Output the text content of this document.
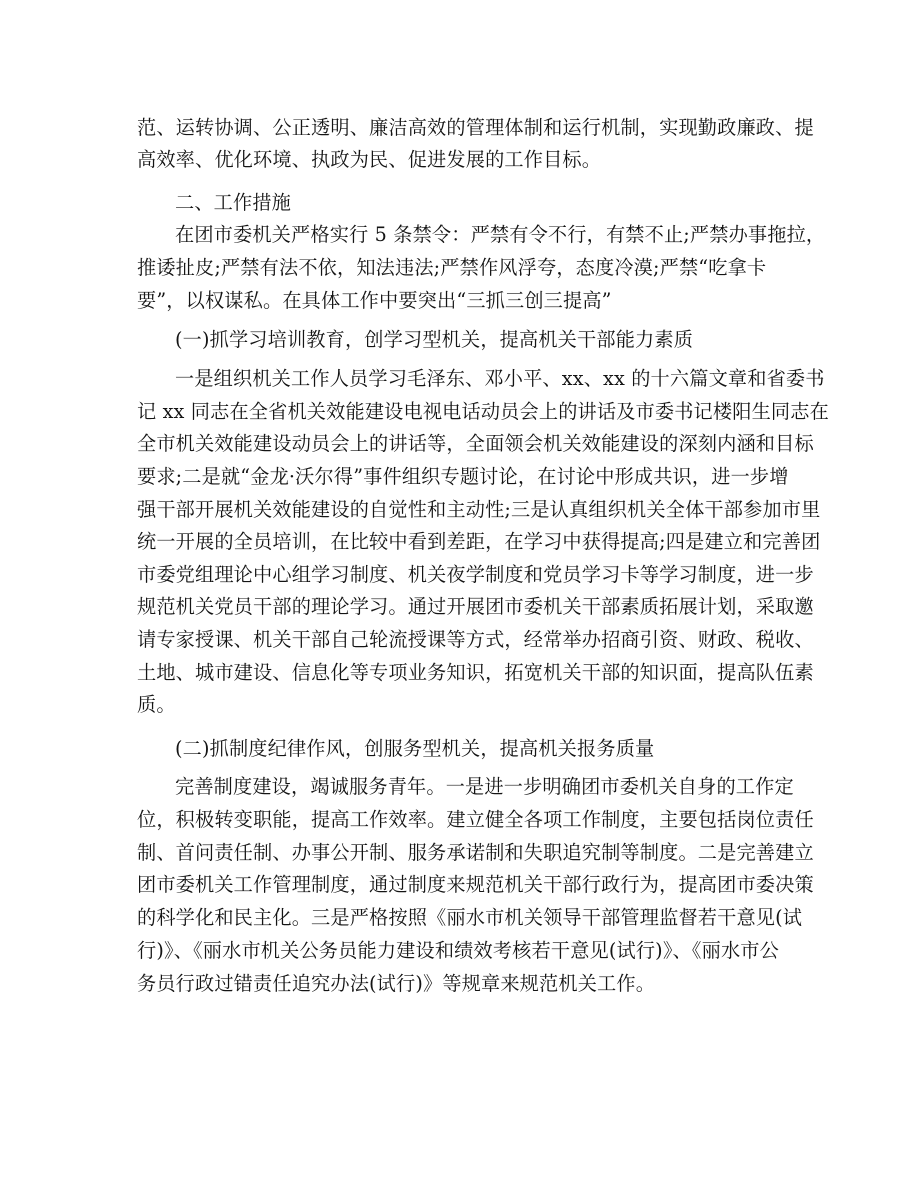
范、运转协调、公正透明、廉洁高效的管理体制和运行机制，实现勤政廉政、提
高效率、优化环境、执政为民、促进发展的工作目标。
二、工作措施
在团市委机关严格实行 5 条禁令：严禁有令不行，有禁不止;严禁办事拖拉，
推诿扯皮;严禁有法不依，知法违法;严禁作风浮夸，态度冷漠;严禁“吃拿卡
要”，以权谋私。在具体工作中要突出“三抓三创三提高”
(一)抓学习培训教育，创学习型机关，提高机关干部能力素质
一是组织机关工作人员学习毛泽东、邓小平、xx、xx 的十六篇文章和省委书
记 xx 同志在全省机关效能建设电视电话动员会上的讲话及市委书记楼阳生同志在
全市机关效能建设动员会上的讲话等，全面领会机关效能建设的深刻内涵和目标
要求;二是就“金龙·沃尔得”事件组织专题讨论，在讨论中形成共识，进一步增
强干部开展机关效能建设的自觉性和主动性;三是认真组织机关全体干部参加市里
统一开展的全员培训，在比较中看到差距，在学习中获得提高;四是建立和完善团
市委党组理论中心组学习制度、机关夜学制度和党员学习卡等学习制度，进一步
规范机关党员干部的理论学习。通过开展团市委机关干部素质拓展计划，采取邀
请专家授课、机关干部自己轮流授课等方式，经常举办招商引资、财政、税收、
土地、城市建设、信息化等专项业务知识，拓宽机关干部的知识面，提高队伍素
质。
(二)抓制度纪律作风，创服务型机关，提高机关报务质量
完善制度建设，竭诚服务青年。一是进一步明确团市委机关自身的工作定
位，积极转变职能，提高工作效率。建立健全各项工作制度，主要包括岗位责任
制、首问责任制、办事公开制、服务承诺制和失职追究制等制度。二是完善建立
团市委机关工作管理制度，通过制度来规范机关干部行政行为，提高团市委决策
的科学化和民主化。三是严格按照《丽水市机关领导干部管理监督若干意见(试
行)》、《丽水市机关公务员能力建设和绩效考核若干意见(试行)》、《丽水市公
务员行政过错责任追究办法(试行)》等规章来规范机关工作。
